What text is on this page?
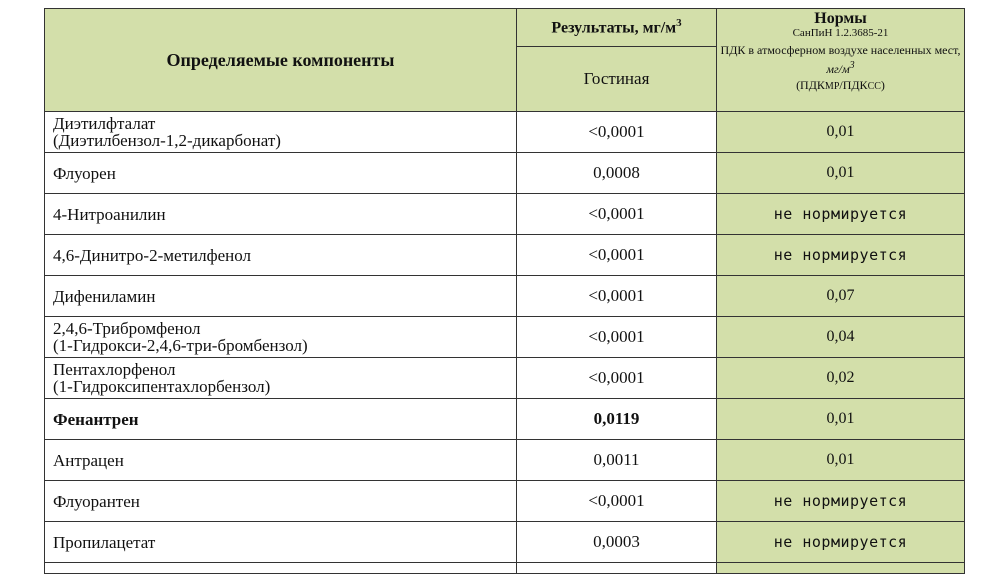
Определяемые компоненты	Результаты, $мг/м^3$	Нормы
СанПиН 1.2.3685-21
ПДК в атмосферном воздухе населенных мест, $мг/м^3$
(ПДКМР/ПДКСС)

	Гостиная	

Диэтилфталат
(Диэтилбензол-1,2-дикарбонат)	<0,0001	0,01
Флуорен	0,0008	0,01
4-Нитроанилин	<0,0001	не нормируется
4,6-Динитро-2-метилфенол	<0,0001	не нормируется
Дифениламин	<0,0001	0,07

2,4,6-Трибромфенол
(1-Гидрокси-2,4,6-три-бромбензол)	<0,0001	0,04

Пентахлорфенол
(1-Гидроксипентахлорбензол)	<0,0001	0,02
Фенантрен	0,0119	0,01
Антрацен	0,0011	0,01
Флуорантен	<0,0001	не нормируется
Пропилацетат	0,0003	не нормируется
